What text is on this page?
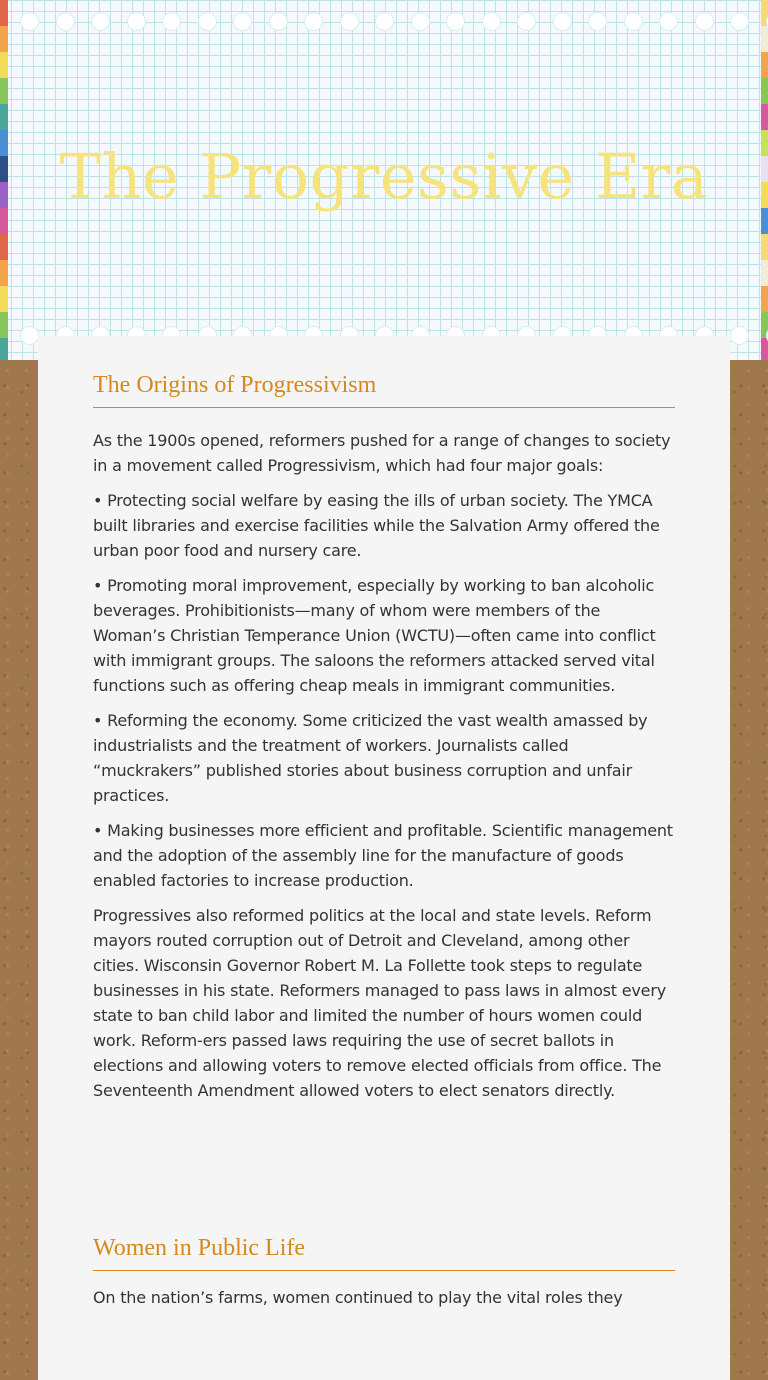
The Progressive Era
The Origins of Progressivism

As the 1900s opened, reformers pushed for a range of changes to society in a movement called Progressivism, which had four major goals:

• Protecting social welfare by easing the ills of urban society. The YMCA built libraries and exercise facilities while the Salvation Army offered the urban poor food and nursery care.

• Promoting moral improvement, especially by working to ban alcoholic beverages. Prohibitionists—many of whom were members of the Woman’s Christian Temperance Union (WCTU)—often came into conflict with immigrant groups. The saloons the reformers attacked served vital functions such as offering cheap meals in immigrant communities.

• Reforming the economy. Some criticized the vast wealth amassed by industrialists and the treatment of workers. Journalists called “muckrakers” published stories about business corruption and unfair practices.

• Making businesses more efficient and profitable. Scientific management and the adoption of the assembly line for the manufacture of goods enabled factories to increase production.

Progressives also reformed politics at the local and state levels. Reform mayors routed corruption out of Detroit and Cleveland, among other cities. Wisconsin Governor Robert M. La Follette took steps to regulate businesses in his state. Reformers managed to pass laws in almost every state to ban child labor and limited the number of hours women could work. Reform-ers passed laws requiring the use of secret ballots in elections and allowing voters to remove elected officials from office. The Seventeenth Amendment allowed voters to elect senators directly.

Women in Public Life

On the nation’s farms, women continued to play the vital roles they
